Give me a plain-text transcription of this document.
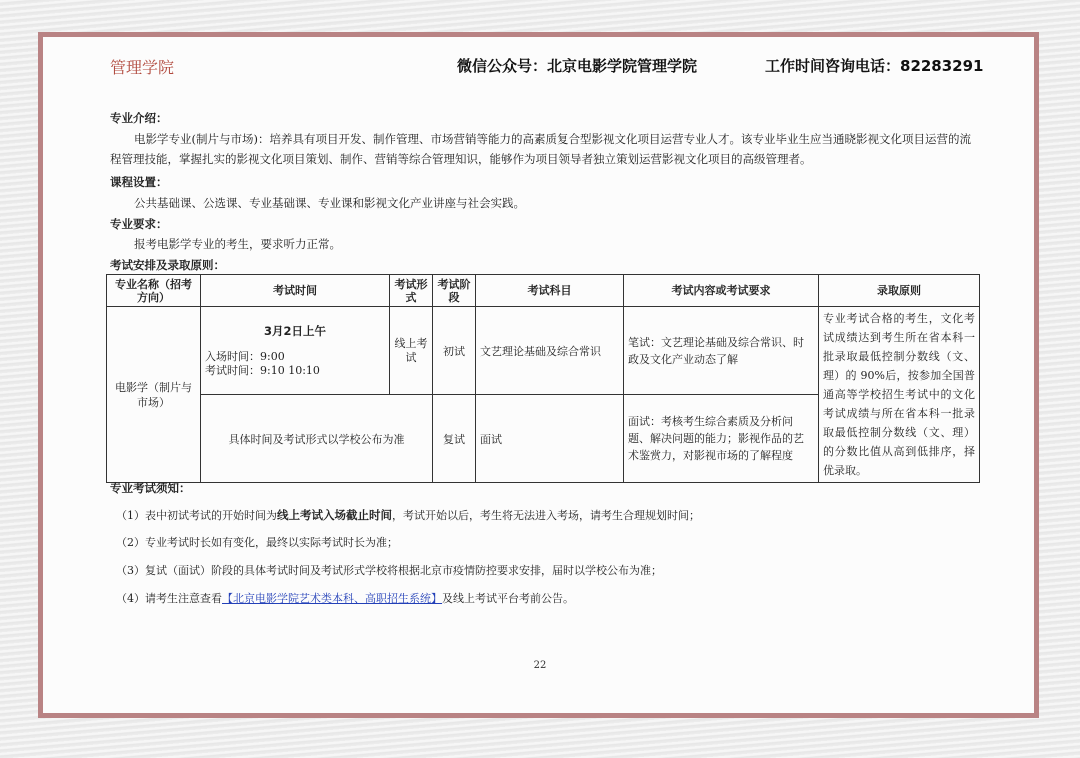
管理学院	微信公众号：北京电影学院管理学院	工作时间咨询电话：82283291
专业介绍：
电影学专业(制片与市场)：培养具有项目开发、制作管理、市场营销等能力的高素质复合型影视文化项目运营专业人才。该专业毕业生应当通晓影视文化项目运营的流程管理技能，掌握扎实的影视文化项目策划、制作、营销等综合管理知识，能够作为项目领导者独立策划运营影视文化项目的高级管理者。
课程设置：
公共基础课、公选课、专业基础课、专业课和影视文化产业讲座与社会实践。
专业要求：
报考电影学专业的考生，要求听力正常。
考试安排及录取原则：
专业名称（招考方向）	考试时间	考试形式	考试阶段	考试科目	考试内容或考试要求	录取原则
电影学（制片与市场）	3月2日上午
入场时间：9:00
考试时间：9:10 10:10	线上考试	初试	文艺理论基础及综合常识	笔试：文艺理论基础及综合常识、时政及文化产业动态了解	专业考试合格的考生，文化考试成绩达到考生所在省本科一批录取最低控制分数线（文、理）的 90%后，按参加全国普通高等学校招生考试中的文化考试成绩与所在省本科一批录取最低控制分数线（文、理）的分数比值从高到低排序，择优录取。
	具体时间及考试形式以学校公布为准		复试	面试	面试：考核考生综合素质及分析问题、解决问题的能力；影视作品的艺术鉴赏力，对影视市场的了解程度	
专业考试须知：
（1）表中初试考试的开始时间为线上考试入场截止时间，考试开始以后，考生将无法进入考场，请考生合理规划时间；
（2）专业考试时长如有变化，最终以实际考试时长为准；
（3）复试（面试）阶段的具体考试时间及考试形式学校将根据北京市疫情防控要求安排，届时以学校公布为准；
（4）请考生注意查看【北京电影学院艺术类本科、高职招生系统】及线上考试平台考前公告。
22
